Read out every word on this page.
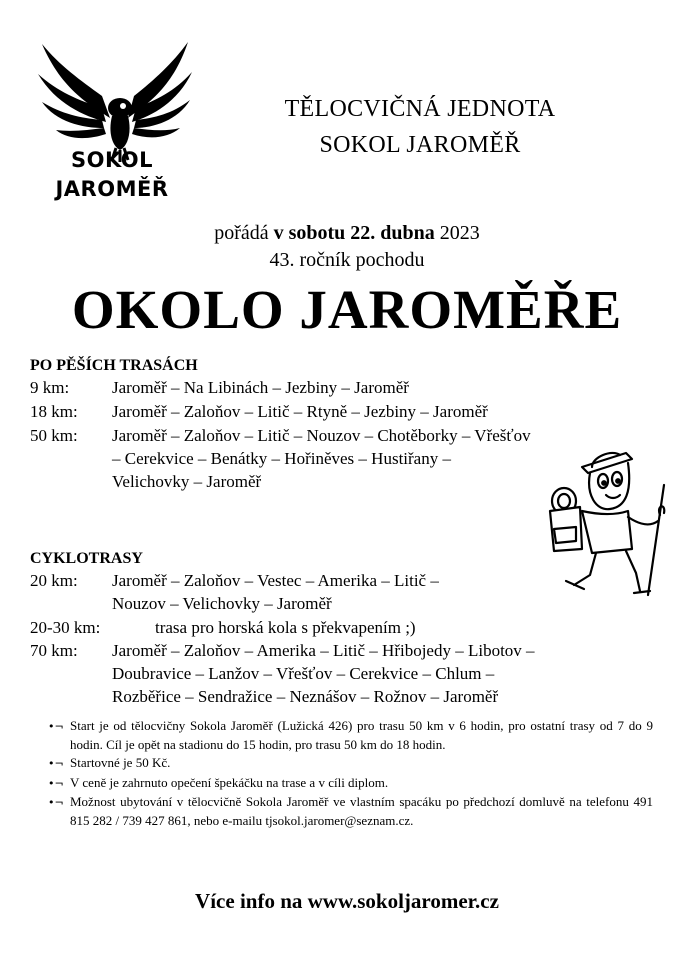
SOKOL
JAROMĚŘ
TĚLOCVIČNÁ JEDNOTA
SOKOL JAROMĚŘ
pořádá v sobotu 22. dubna 2023
43. ročník pochodu
OKOLO JAROMĚŘE
PO PĚŠÍCH TRASÁCH
9 km:	Jaroměř – Na Libinách – Jezbiny – Jaroměř
18 km: Jaroměř – Zaloňov – Litič – Rtyně – Jezbiny – Jaroměř
50 km: Jaroměř – Zaloňov – Litič – Nouzov – Chotěborky – Vřešťov
– Cerekvice – Benátky – Hořiněves – Hustiřany –
Velichovky – Jaroměř
CYKLOTRASY
20 km: Jaroměř – Zaloňov – Vestec – Amerika – Litič –
Nouzov – Velichovky – Jaroměř
20-30 km:	trasa pro horská kola s překvapením ;)
70 km: Jaroměř – Zaloňov – Amerika – Litič – Hřibojedy – Libotov –
Doubravice – Lanžov – Vřešťov – Cerekvice – Chlum –
Rozběřice – Sendražice – Neznášov – Rožnov – Jaroměř
•¬ Start je od tělocvičny Sokola Jaroměř (Lužická 426) pro trasu 50 km v 6 hodin, pro ostatní trasy od 7 do 9 hodin. Cíl je opět na stadionu do 15 hodin, pro trasu 50 km do 18 hodin.
•¬ Startovné je 50 Kč.
•¬ V ceně je zahrnuto opečení špekáčku na trase a v cíli diplom.
•¬ Možnost ubytování v tělocvičně Sokola Jaroměř ve vlastním spacáku po předchozí domluvě na telefonu 491 815 282 / 739 427 861, nebo e-mailu tjsokol.jaromer@seznam.cz.
Více info na www.sokoljaromer.cz
